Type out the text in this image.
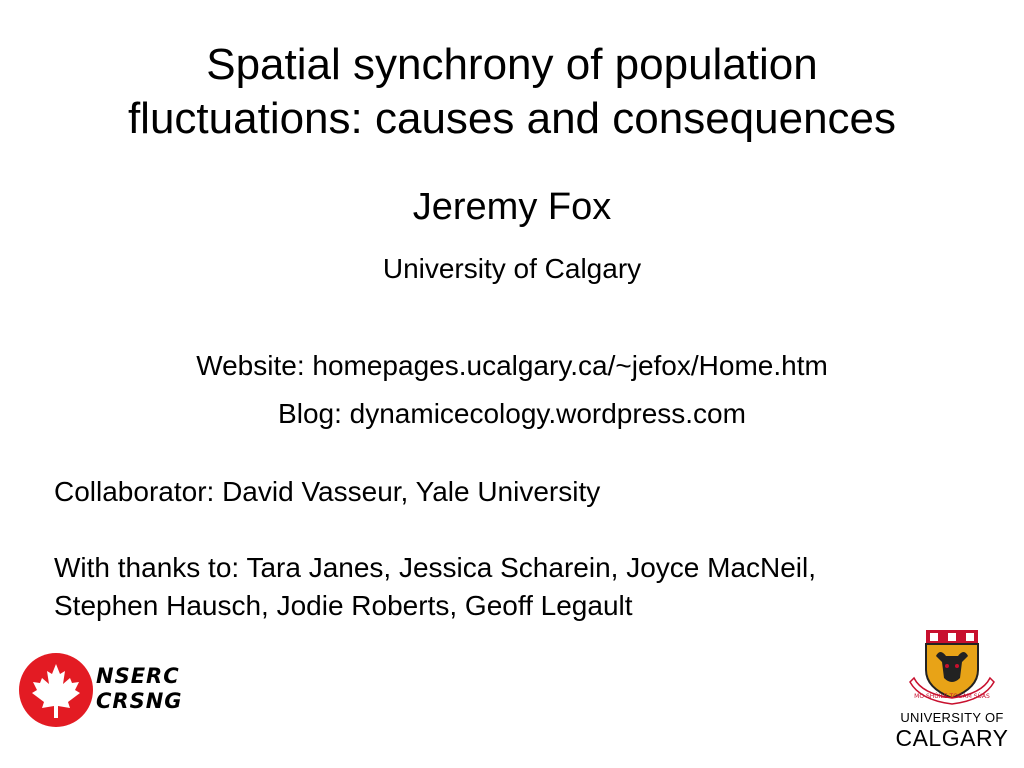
Spatial synchrony of population
fluctuations: causes and consequences
Jeremy Fox
University of Calgary
Website: homepages.ucalgary.ca/~jefox/Home.htm
Blog: dynamicecology.wordpress.com
Collaborator: David Vasseur, Yale University
With thanks to: Tara Janes, Jessica Scharein, Joyce MacNeil,
Stephen Hausch, Jodie Roberts, Geoff Legault
NSERC
CRSNG	MO SHÙILE TOGAM SÙAS
UNIVERSITY OF
CALGARY
